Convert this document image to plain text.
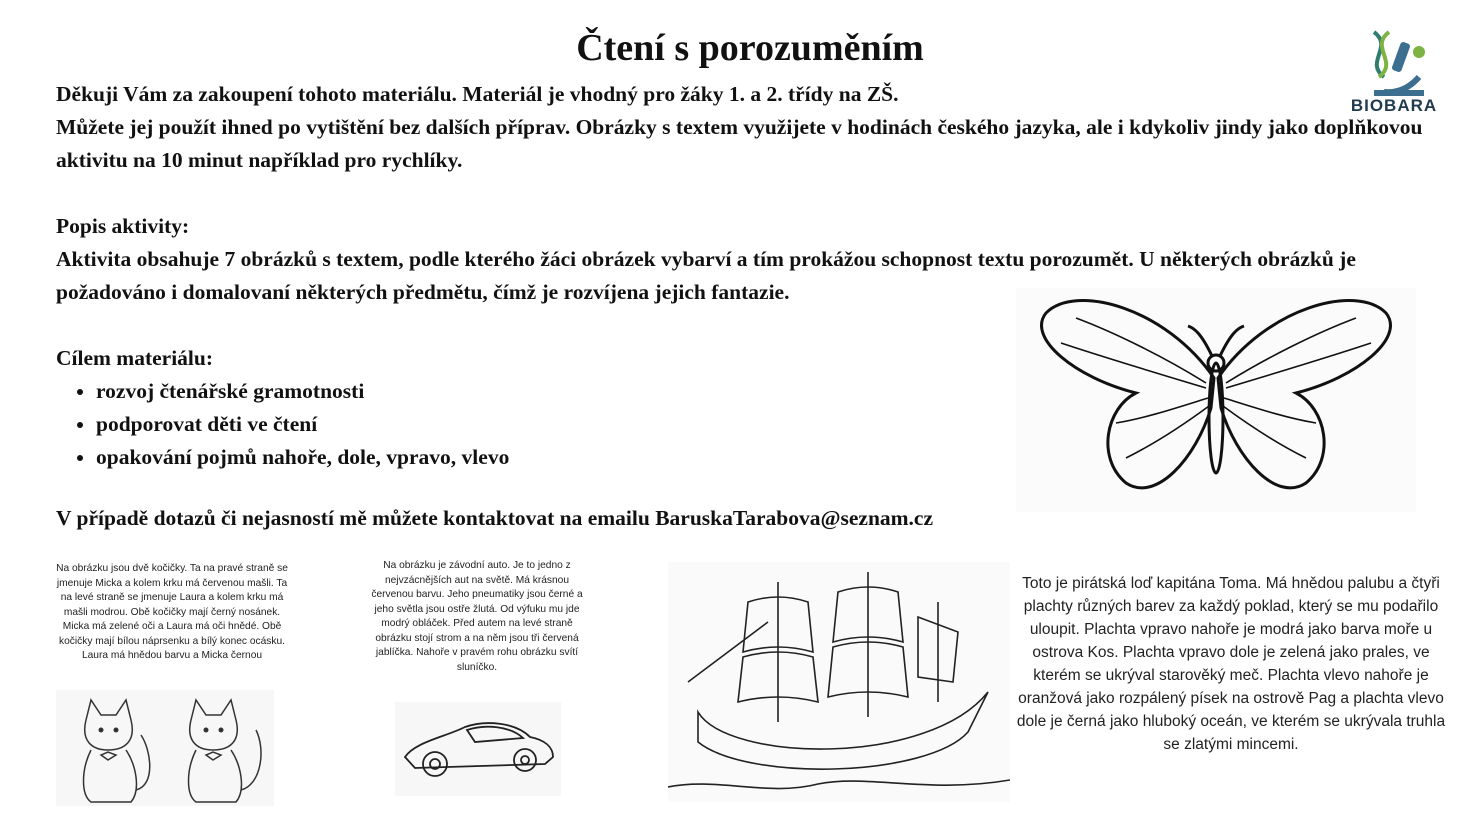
Čtení s porozuměním
BIOBARA

Děkuji Vám za zakoupení tohoto materiálu. Materiál je vhodný pro žáky 1. a 2. třídy na ZŠ.

Můžete jej použít ihned po vytištění bez dalších příprav. Obrázky s textem využijete v hodinách českého jazyka, ale i kdykoliv jindy jako doplňkovou aktivitu na 10 minut například pro rychlíky.

Popis aktivity:

Aktivita obsahuje 7 obrázků s textem, podle kterého žáci obrázek vybarví a tím prokážou schopnost textu porozumět. U některých obrázků je požadováno i domalovaní některých předmětu, čímž je rozvíjena jejich fantazie.

Cílem materiálu:

• rozvoj čtenářské gramotnosti
• podporovat děti ve čtení
• opakování pojmů nahoře, dole, vpravo, vlevo
V případě dotazů či nejasností mě můžete kontaktovat na emailu BaruskaTarabova@seznam.cz
Na obrázku jsou dvě kočičky. Ta na pravé straně se jmenuje Micka a kolem krku má červenou mašli. Ta na levé straně se jmenuje Laura a kolem krku má mašli modrou. Obě kočičky mají černý nosánek. Micka má zelené oči a Laura má oči hnědé. Obě kočičky mají bílou náprsenku a bílý konec ocásku. Laura má hnědou barvu a Micka černou
Na obrázku je závodní auto. Je to jedno z nejvzácnějších aut na světě. Má krásnou červenou barvu. Jeho pneumatiky jsou černé a jeho světla jsou ostře žlutá. Od výfuku mu jde modrý obláček. Před autem na levé straně obrázku stojí strom a na něm jsou tři červená jablíčka. Nahoře v pravém rohu obrázku svítí sluníčko.
Toto je pirátská loď kapitána Toma. Má hnědou palubu a čtyři plachty různých barev za každý poklad, který se mu podařilo uloupit. Plachta vpravo nahoře je modrá jako barva moře u ostrova Kos. Plachta vpravo dole je zelená jako prales, ve kterém se ukrýval starověký meč. Plachta vlevo nahoře je oranžová jako rozpálený písek na ostrově Pag a plachta vlevo dole je černá jako hluboký oceán, ve kterém se ukrývala truhla se zlatými mincemi.
